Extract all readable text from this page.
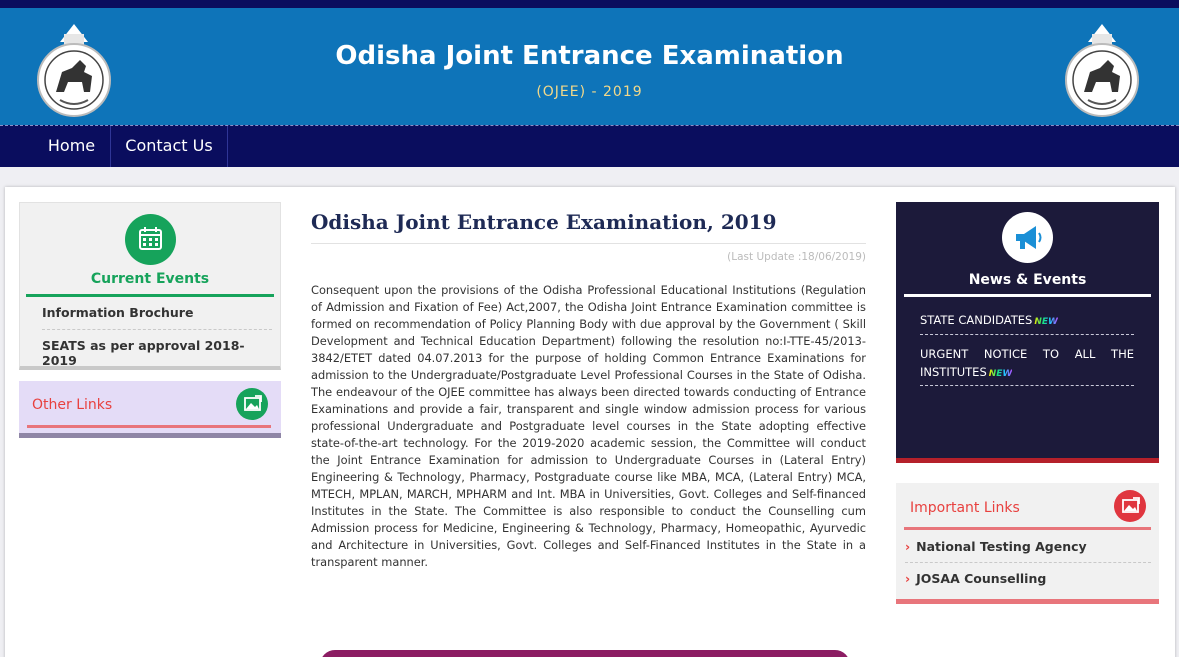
Odisha Joint Entrance Examination
(OJEE) - 2019
Home	Contact Us
Current Events
Information Brochure
SEATS as per approval 2018-2019
Other Links
Odisha Joint Entrance Examination, 2019
(Last Update :18/06/2019)

Consequent upon the provisions of the Odisha Professional Educational Institutions (Regulation of Admission and Fixation of Fee) Act,2007, the Odisha Joint Entrance Examination committee is formed on recommendation of Policy Planning Body with due approval by the Government ( Skill Development and Technical Education Department) following the resolution no:I-TTE-45/2013-3842/ETET dated 04.07.2013 for the purpose of holding Common Entrance Examinations for admission to the Undergraduate/Postgraduate Level Professional Courses in the State of Odisha. The endeavour of the OJEE committee has always been directed towards conducting of Entrance Examinations and provide a fair, transparent and single window admission process for various professional Undergraduate and Postgraduate level courses in the State adopting effective state-of-the-art technology. For the 2019-2020 academic session, the Committee will conduct the Joint Entrance Examination for admission to Undergraduate Courses in (Lateral Entry) Engineering & Technology, Pharmacy, Postgraduate course like MBA, MCA, (Lateral Entry) MCA, MTECH, MPLAN, MARCH, MPHARM and Int. MBA in Universities, Govt. Colleges and Self-financed Institutes in the State. The Committee is also responsible to conduct the Counselling cum Admission process for Medicine, Engineering & Technology, Pharmacy, Homeopathic, Ayurvedic and Architecture in Universities, Govt. Colleges and Self-Financed Institutes in the State in a transparent manner.

News & Events
STATE CANDIDATES NEW
URGENT NOTICE TO ALL THE INSTITUTES NEW
Important Links
› National Testing Agency
› JOSAA Counselling
